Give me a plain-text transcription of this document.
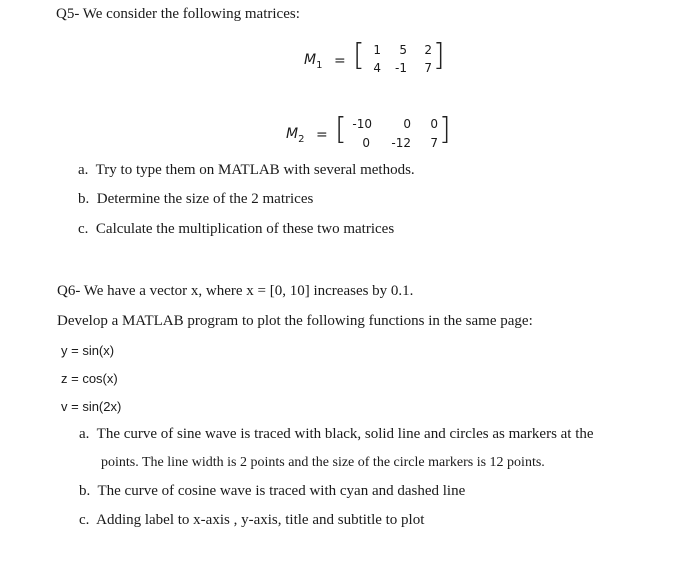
Q5- We consider the following matrices:
$M_1$ = [ 1	5	2
4	-1	7 ]
$M_2$ = [ -10	0	0
0	-12	7 ]
a. Try to type them on MATLAB with several methods.
b. Determine the size of the 2 matrices
c. Calculate the multiplication of these two matrices
Q6- We have a vector x, where x = [0, 10] increases by 0.1.
Develop a MATLAB program to plot the following functions in the same page:
y = sin(x)
z = cos(x)
v = sin(2x)
a. The curve of sine wave is traced with black, solid line and circles as markers at the
points. The line width is 2 points and the size of the circle markers is 12 points.
b. The curve of cosine wave is traced with cyan and dashed line
c. Adding label to x-axis , y-axis, title and subtitle to plot
